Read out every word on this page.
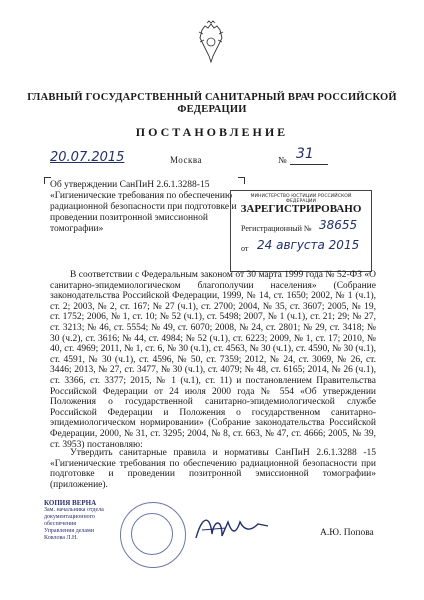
ГЛАВНЫЙ ГОСУДАРСТВЕННЫЙ САНИТАРНЫЙ ВРАЧ РОССИЙСКОЙ ФЕДЕРАЦИИ
ПОСТАНОВЛЕНИЕ
20.07.2015	Москва	№ 31
Об утверждении СанПиН 2.6.1.3288-15 «Гигиенические требования по обеспечению радиационной безопасности при подготовке и проведении позитронной эмиссионной томографии»
МИНИСТЕРСТВО ЮСТИЦИИ РОССИЙСКОЙ ФЕДЕРАЦИИ
ЗАРЕГИСТРИРОВАНО
Регистрационный № 38655
от 24 августа 2015
В соответствии с Федеральным законом от 30 марта 1999 года № 52-ФЗ «О санитарно-эпидемиологическом благополучии населения» (Собрание законодательства Российской Федерации, 1999, № 14, ст. 1650; 2002, № 1 (ч.1), ст. 2; 2003, № 2, ст. 167; № 27 (ч.1), ст. 2700; 2004, № 35, ст. 3607; 2005, № 19, ст. 1752; 2006, № 1, ст. 10; № 52 (ч.1), ст. 5498; 2007, № 1 (ч.1), ст. 21; 29; № 27, ст. 3213; № 46, ст. 5554; № 49, ст. 6070; 2008, № 24, ст. 2801; № 29, ст. 3418; № 30 (ч.2), ст. 3616; № 44, ст. 4984; № 52 (ч.1), ст. 6223; 2009, № 1, ст. 17; 2010, № 40, ст. 4969; 2011, № 1, ст. 6, № 30 (ч.1), ст. 4563, № 30 (ч.1), ст. 4590, № 30 (ч.1), ст. 4591, № 30 (ч.1), ст. 4596, № 50, ст. 7359; 2012, № 24, ст. 3069, № 26, ст. 3446; 2013, № 27, ст. 3477, № 30 (ч.1), ст. 4079; № 48, ст. 6165; 2014, № 26 (ч.1), ст. 3366, ст. 3377; 2015, № 1 (ч.1), ст. 11) и постановлением Правительства Российской Федерации от 24 июля 2000 года № 554 «Об утверждении Положения о государственной санитарно-эпидемиологической службе Российской Федерации и Положения о государственном санитарно-эпидемиологическом нормировании» (Собрание законодательства Российской Федерации, 2000, № 31, ст. 3295; 2004, № 8, ст. 663, № 47, ст. 4666; 2005, № 39, ст. 3953) постановляю:
Утвердить санитарные правила и нормативы СанПиН 2.6.1.3288 -15 «Гигиенические требования по обеспечению радиационной безопасности при подготовке и проведении позитронной эмиссионной томографии» (приложение).
КОПИЯ ВЕРНА
Зам. начальника отдела
документационного обеспечения
Управления делами
Ковлова Л.Н.	А.Ю. Попова
